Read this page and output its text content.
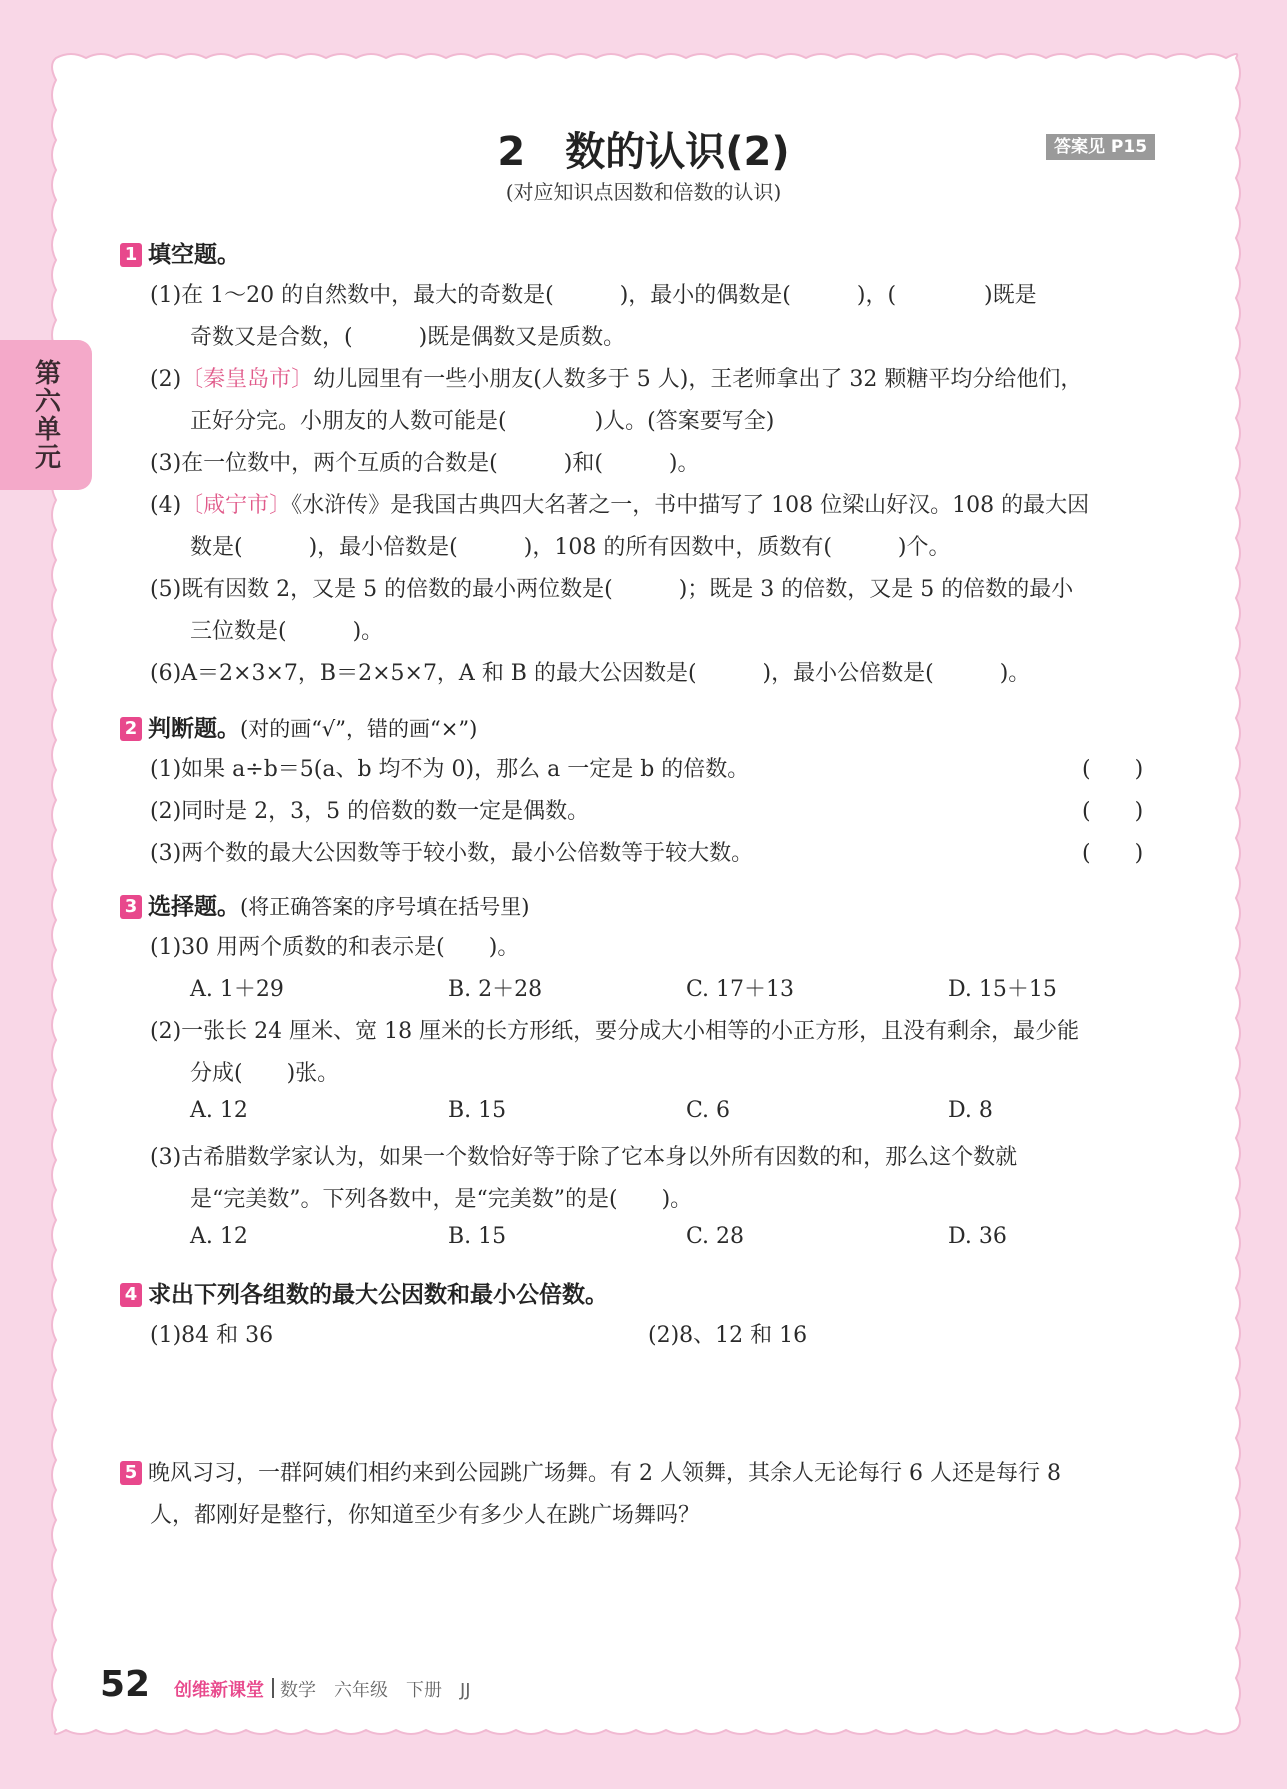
第六单元
2　数的认识(2)	答案见 P15
(对应知识点因数和倍数的认识)
1 填空题。
(1)在 1～20 的自然数中，最大的奇数是(　　　)，最小的偶数是(　　　)，(　　　　)既是
奇数又是合数，(　　　)既是偶数又是质数。
(2)〔秦皇岛市〕幼儿园里有一些小朋友(人数多于 5 人)，王老师拿出了 32 颗糖平均分给他们，
正好分完。小朋友的人数可能是(　　　　)人。(答案要写全)
(3)在一位数中，两个互质的合数是(　　　)和(　　　)。
(4)〔咸宁市〕《水浒传》是我国古典四大名著之一，书中描写了 108 位梁山好汉。108 的最大因
数是(　　　)，最小倍数是(　　　)，108 的所有因数中，质数有(　　　)个。
(5)既有因数 2，又是 5 的倍数的最小两位数是(　　　)；既是 3 的倍数，又是 5 的倍数的最小
三位数是(　　　)。
(6)A＝2×3×7，B＝2×5×7，A 和 B 的最大公因数是(　　　)，最小公倍数是(　　　)。
2 判断题。(对的画“√”，错的画“×”)
(1)如果 a÷b＝5(a、b 均不为 0)，那么 a 一定是 b 的倍数。	(　　)
(2)同时是 2，3，5 的倍数的数一定是偶数。	(　　)
(3)两个数的最大公因数等于较小数，最小公倍数等于较大数。	(　　)
3 选择题。(将正确答案的序号填在括号里)
(1)30 用两个质数的和表示是(　　)。
A. 1＋29	B. 2＋28	C. 17＋13	D. 15＋15
(2)一张长 24 厘米、宽 18 厘米的长方形纸，要分成大小相等的小正方形，且没有剩余，最少能
分成(　　)张。
A. 12	B. 15	C. 6	D. 8
(3)古希腊数学家认为，如果一个数恰好等于除了它本身以外所有因数的和，那么这个数就
是“完美数”。下列各数中，是“完美数”的是(　　)。
A. 12	B. 15	C. 28	D. 36
4 求出下列各组数的最大公因数和最小公倍数。
(1)84 和 36	(2)8、12 和 16
5 晚风习习，一群阿姨们相约来到公园跳广场舞。有 2 人领舞，其余人无论每行 6 人还是每行 8
人，都刚好是整行，你知道至少有多少人在跳广场舞吗？
52 创维新课堂 数学　六年级　下册　JJ
